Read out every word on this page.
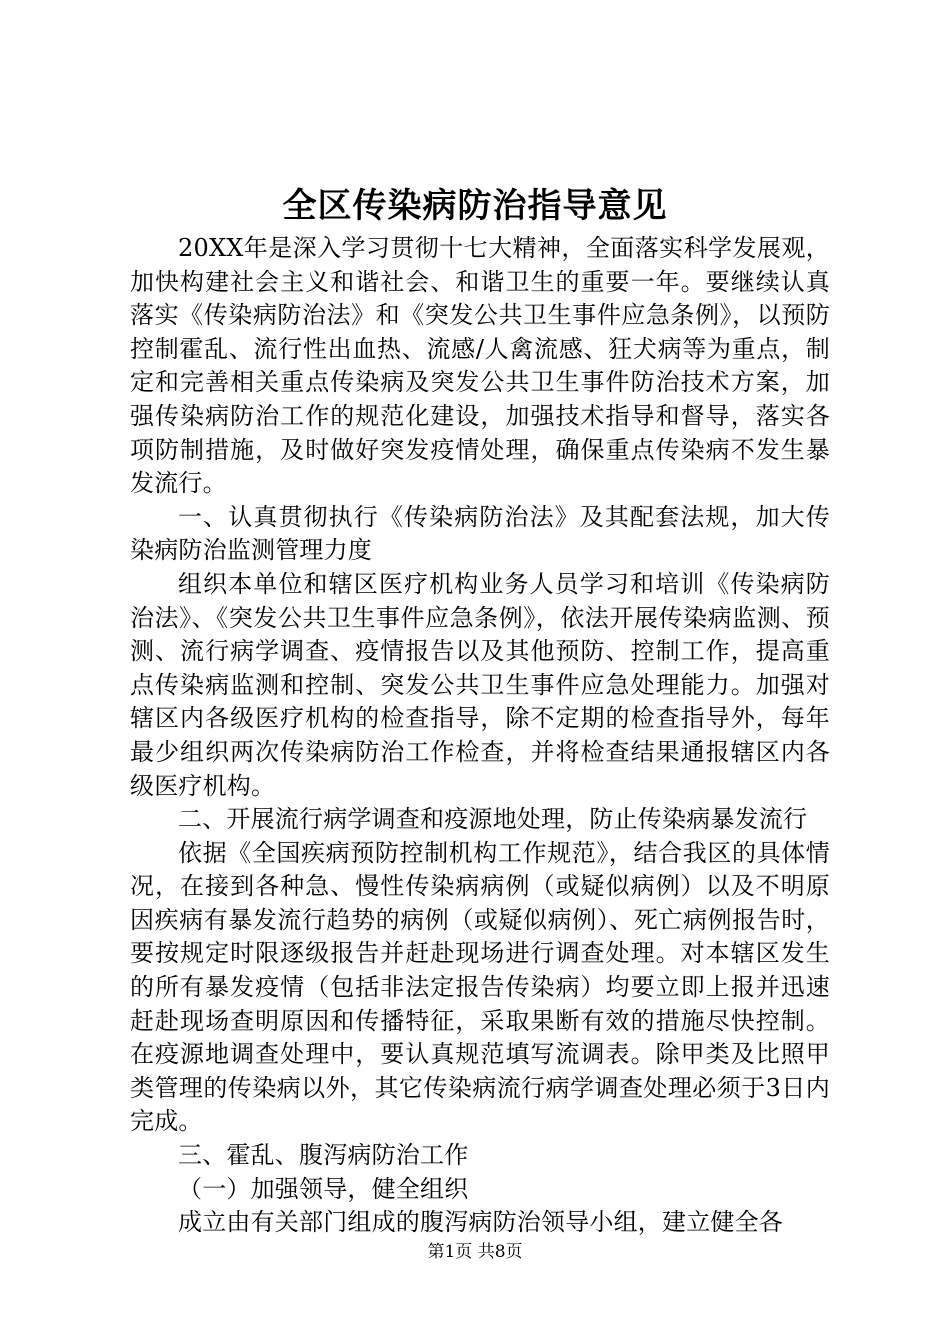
全区传染病防治指导意见

20XX年是深入学习贯彻十七大精神，全面落实科学发展观，加快构建社会主义和谐社会、和谐卫生的重要一年。要继续认真落实《传染病防治法》和《突发公共卫生事件应急条例》，以预防控制霍乱、流行性出血热、流感/人禽流感、狂犬病等为重点，制定和完善相关重点传染病及突发公共卫生事件防治技术方案，加强传染病防治工作的规范化建设，加强技术指导和督导，落实各项防制措施，及时做好突发疫情处理，确保重点传染病不发生暴发流行。

一、认真贯彻执行《传染病防治法》及其配套法规，加大传染病防治监测管理力度

组织本单位和辖区医疗机构业务人员学习和培训《传染病防治法》、《突发公共卫生事件应急条例》，依法开展传染病监测、预测、流行病学调查、疫情报告以及其他预防、控制工作，提高重点传染病监测和控制、突发公共卫生事件应急处理能力。加强对辖区内各级医疗机构的检查指导，除不定期的检查指导外，每年最少组织两次传染病防治工作检查，并将检查结果通报辖区内各级医疗机构。

二、开展流行病学调查和疫源地处理，防止传染病暴发流行

依据《全国疾病预防控制机构工作规范》，结合我区的具体情况，在接到各种急、慢性传染病病例（或疑似病例）以及不明原因疾病有暴发流行趋势的病例（或疑似病例）、死亡病例报告时，要按规定时限逐级报告并赶赴现场进行调查处理。对本辖区发生的所有暴发疫情（包括非法定报告传染病）均要立即上报并迅速赶赴现场查明原因和传播特征，采取果断有效的措施尽快控制。在疫源地调查处理中，要认真规范填写流调表。除甲类及比照甲类管理的传染病以外，其它传染病流行病学调查处理必须于3日内完成。

三、霍乱、腹泻病防治工作

（一）加强领导，健全组织

成立由有关部门组成的腹泻病防治领导小组，建立健全各

第1页 共8页
